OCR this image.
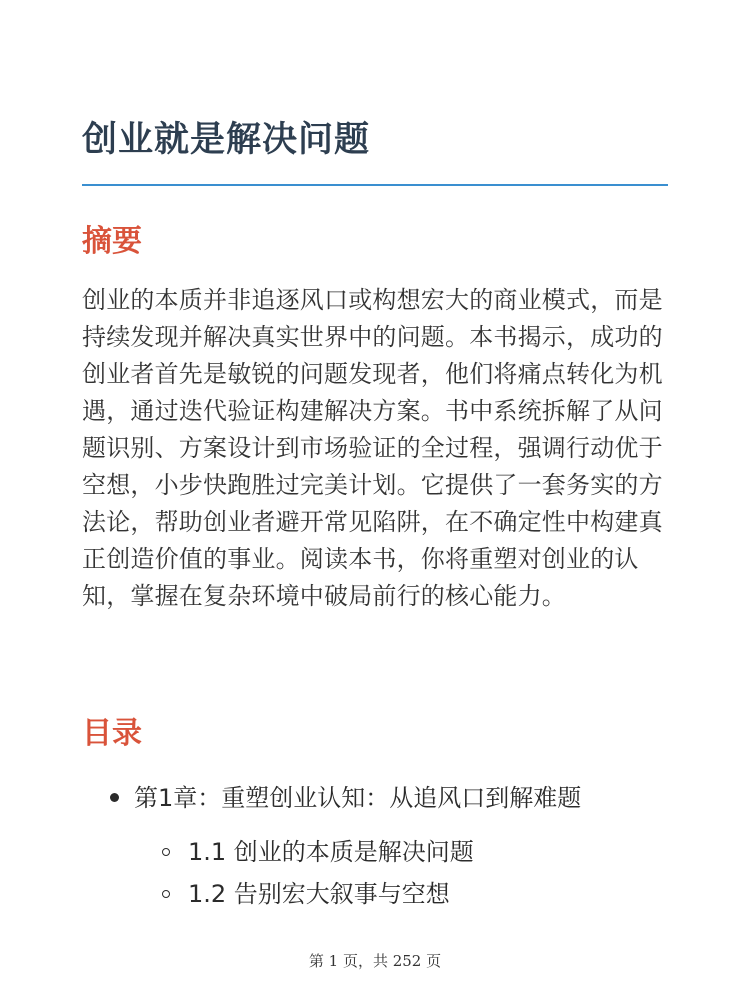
创业就是解决问题
摘要

创业的本质并非追逐风口或构想宏大的商业模式，而是持续发现并解决真实世界中的问题。本书揭示，成功的创业者首先是敏锐的问题发现者，他们将痛点转化为机遇，通过迭代验证构建解决方案。书中系统拆解了从问题识别、方案设计到市场验证的全过程，强调行动优于空想，小步快跑胜过完美计划。它提供了一套务实的方法论，帮助创业者避开常见陷阱，在不确定性中构建真正创造价值的事业。阅读本书，你将重塑对创业的认知，掌握在复杂环境中破局前行的核心能力。

目录
第1章：重塑创业认知：从追风口到解难题
1.1 创业的本质是解决问题
1.2 告别宏大叙事与空想
第 1 页，共 252 页
